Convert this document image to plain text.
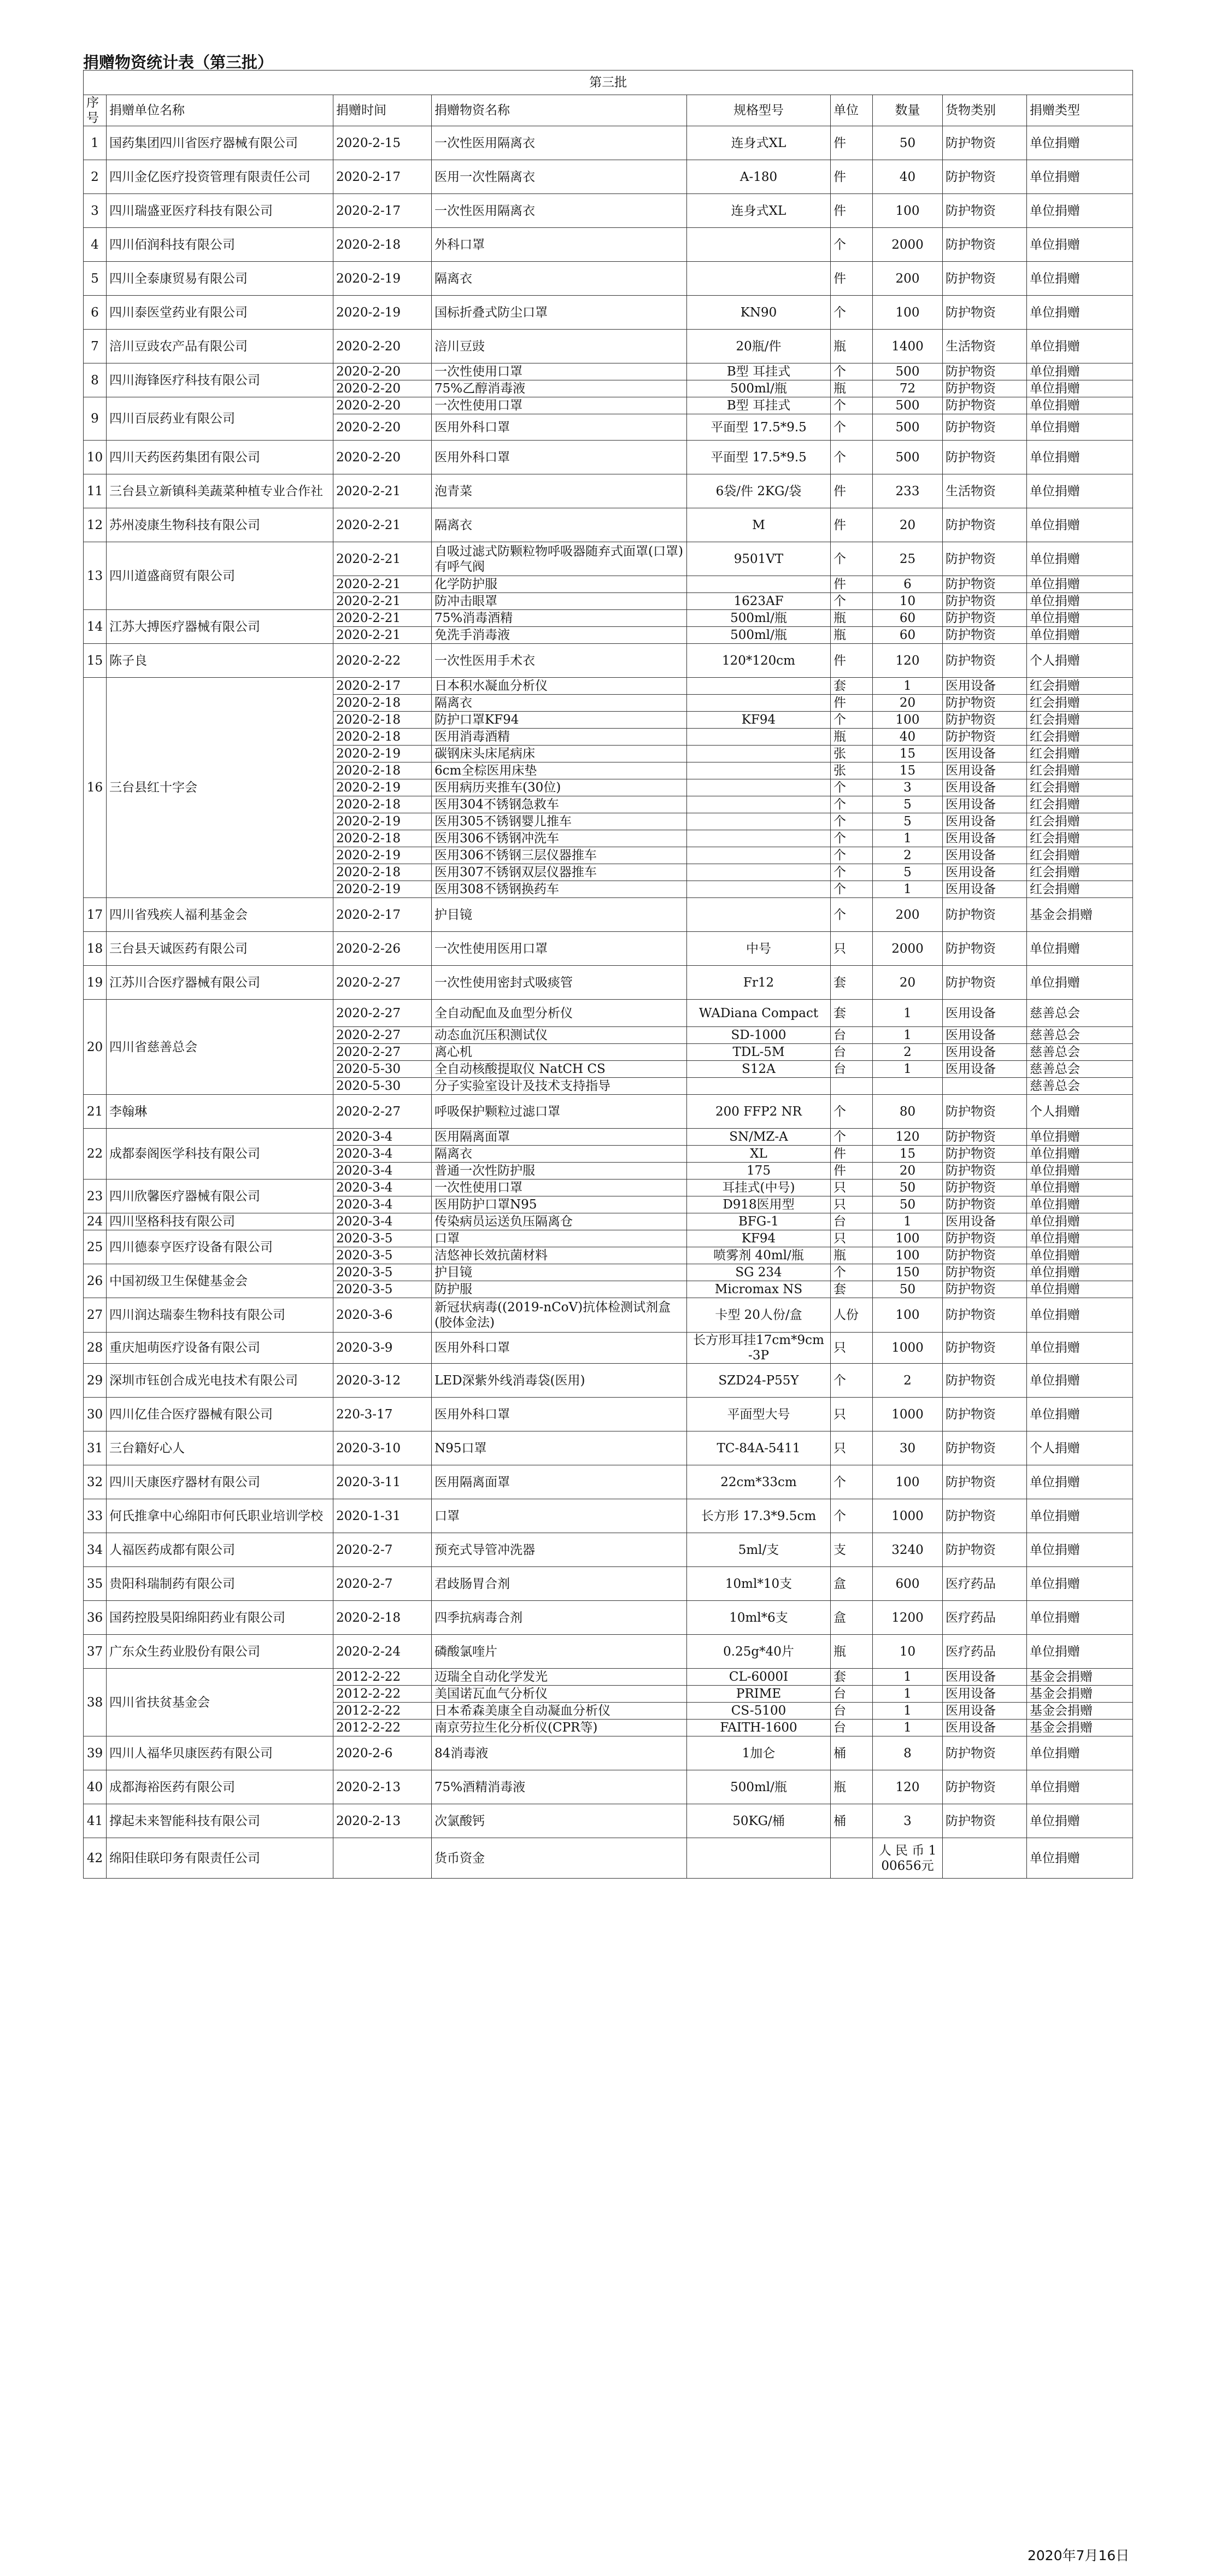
捐赠物资统计表（第三批）
第三批								
序号	捐赠单位名称	捐赠时间	捐赠物资名称	规格型号	单位	数量	货物类别	捐赠类型
1	国药集团四川省医疗器械有限公司	2020-2-15	一次性医用隔离衣	连身式XL	件	50	防护物资	单位捐赠
2	四川金亿医疗投资管理有限责任公司	2020-2-17	医用一次性隔离衣	A-180	件	40	防护物资	单位捐赠
3	四川瑞盛亚医疗科技有限公司	2020-2-17	一次性医用隔离衣	连身式XL	件	100	防护物资	单位捐赠
4	四川佰润科技有限公司	2020-2-18	外科口罩		个	2000	防护物资	单位捐赠
5	四川全泰康贸易有限公司	2020-2-19	隔离衣		件	200	防护物资	单位捐赠
6	四川泰医堂药业有限公司	2020-2-19	国标折叠式防尘口罩	KN90	个	100	防护物资	单位捐赠
7	涪川豆豉农产品有限公司	2020-2-20	涪川豆豉	20瓶/件	瓶	1400	生活物资	单位捐赠
8	四川海锋医疗科技有限公司	2020-2-20	一次性使用口罩	B型 耳挂式	个	500	防护物资	单位捐赠
		2020-2-20	75%乙醇消毒液	500ml/瓶	瓶	72	防护物资	单位捐赠
9	四川百辰药业有限公司	2020-2-20	一次性使用口罩	B型 耳挂式	个	500	防护物资	单位捐赠
		2020-2-20	医用外科口罩	平面型 17.5*9.5	个	500	防护物资	单位捐赠
10	四川天药医药集团有限公司	2020-2-20	医用外科口罩	平面型 17.5*9.5	个	500	防护物资	单位捐赠
11	三台县立新镇科美蔬菜种植专业合作社	2020-2-21	泡青菜	6袋/件 2KG/袋	件	233	生活物资	单位捐赠
12	苏州凌康生物科技有限公司	2020-2-21	隔离衣	M	件	20	防护物资	单位捐赠
13	四川道盛商贸有限公司	2020-2-21	自吸过滤式防颗粒物呼吸器随弃式面罩(口罩)有呼气阀	9501VT	个	25	防护物资	单位捐赠
		2020-2-21	化学防护服		件	6	防护物资	单位捐赠
		2020-2-21	防冲击眼罩	1623AF	个	10	防护物资	单位捐赠
14	江苏大搏医疗器械有限公司	2020-2-21	75%消毒酒精	500ml/瓶	瓶	60	防护物资	单位捐赠
		2020-2-21	免洗手消毒液	500ml/瓶	瓶	60	防护物资	单位捐赠
15	陈子良	2020-2-22	一次性医用手术衣	120*120cm	件	120	防护物资	个人捐赠
16	三台县红十字会	2020-2-17	日本积水凝血分析仪		套	1	医用设备	红会捐赠
		2020-2-18	隔离衣		件	20	防护物资	红会捐赠
		2020-2-18	防护口罩KF94	KF94	个	100	防护物资	红会捐赠
		2020-2-18	医用消毒酒精		瓶	40	防护物资	红会捐赠
		2020-2-19	碳钢床头床尾病床		张	15	医用设备	红会捐赠
		2020-2-18	6cm全棕医用床垫		张	15	医用设备	红会捐赠
		2020-2-19	医用病历夹推车(30位)		个	3	医用设备	红会捐赠
		2020-2-18	医用304不锈钢急救车		个	5	医用设备	红会捐赠
		2020-2-19	医用305不锈钢婴儿推车		个	5	医用设备	红会捐赠
		2020-2-18	医用306不锈钢冲洗车		个	1	医用设备	红会捐赠
		2020-2-19	医用306不锈钢三层仪器推车		个	2	医用设备	红会捐赠
		2020-2-18	医用307不锈钢双层仪器推车		个	5	医用设备	红会捐赠
		2020-2-19	医用308不锈钢换药车		个	1	医用设备	红会捐赠
17	四川省残疾人福利基金会	2020-2-17	护目镜		个	200	防护物资	基金会捐赠
18	三台县天诚医药有限公司	2020-2-26	一次性使用医用口罩	中号	只	2000	防护物资	单位捐赠
19	江苏川合医疗器械有限公司	2020-2-27	一次性使用密封式吸痰管	Fr12	套	20	防护物资	单位捐赠
20	四川省慈善总会	2020-2-27	全自动配血及血型分析仪	WADiana Compact	套	1	医用设备	慈善总会
		2020-2-27	动态血沉压积测试仪	SD-1000	台	1	医用设备	慈善总会
		2020-2-27	离心机	TDL-5M	台	2	医用设备	慈善总会
		2020-5-30	全自动核酸提取仪 NatCH CS	S12A	台	1	医用设备	慈善总会
		2020-5-30	分子实验室设计及技术支持指导					慈善总会
21	李翰琳	2020-2-27	呼吸保护颗粒过滤口罩	200 FFP2 NR	个	80	防护物资	个人捐赠
22	成都泰阁医学科技有限公司	2020-3-4	医用隔离面罩	SN/MZ-A	个	120	防护物资	单位捐赠
		2020-3-4	隔离衣	XL	件	15	防护物资	单位捐赠
		2020-3-4	普通一次性防护服	175	件	20	防护物资	单位捐赠
23	四川欣馨医疗器械有限公司	2020-3-4	一次性使用口罩	耳挂式(中号)	只	50	防护物资	单位捐赠
		2020-3-4	医用防护口罩N95	D918医用型	只	50	防护物资	单位捐赠
24	四川坚格科技有限公司	2020-3-4	传染病员运送负压隔离仓	BFG-1	台	1	医用设备	单位捐赠
25	四川德泰亨医疗设备有限公司	2020-3-5	口罩	KF94	只	100	防护物资	单位捐赠
		2020-3-5	洁悠神长效抗菌材料	喷雾剂 40ml/瓶	瓶	100	防护物资	单位捐赠
26	中国初级卫生保健基金会	2020-3-5	护目镜	SG 234	个	150	防护物资	单位捐赠
		2020-3-5	防护服	Micromax NS	套	50	防护物资	单位捐赠
27	四川润达瑞泰生物科技有限公司	2020-3-6	新冠状病毒((2019-nCoV)抗体检测试剂盒(胶体金法)	卡型 20人份/盒	人份	100	防护物资	单位捐赠
28	重庆旭萌医疗设备有限公司	2020-3-9	医用外科口罩	长方形耳挂17cm*9cm -3P	只	1000	防护物资	单位捐赠
29	深圳市钰创合成光电技术有限公司	2020-3-12	LED深紫外线消毒袋(医用)	SZD24-P55Y	个	2	防护物资	单位捐赠
30	四川亿佳合医疗器械有限公司	220-3-17	医用外科口罩	平面型大号	只	1000	防护物资	单位捐赠
31	三台籍好心人	2020-3-10	N95口罩	TC-84A-5411	只	30	防护物资	个人捐赠
32	四川天康医疗器材有限公司	2020-3-11	医用隔离面罩	22cm*33cm	个	100	防护物资	单位捐赠
33	何氏推拿中心绵阳市何氏职业培训学校	2020-1-31	口罩	长方形 17.3*9.5cm	个	1000	防护物资	单位捐赠
34	人福医药成都有限公司	2020-2-7	预充式导管冲洗器	5ml/支	支	3240	防护物资	单位捐赠
35	贵阳科瑞制药有限公司	2020-2-7	君歧肠胃合剂	10ml*10支	盒	600	医疗药品	单位捐赠
36	国药控股昊阳绵阳药业有限公司	2020-2-18	四季抗病毒合剂	10ml*6支	盒	1200	医疗药品	单位捐赠
37	广东众生药业股份有限公司	2020-2-24	磷酸氯喹片	0.25g*40片	瓶	10	医疗药品	单位捐赠
38	四川省扶贫基金会	2012-2-22	迈瑞全自动化学发光	CL-6000I	套	1	医用设备	基金会捐赠
		2012-2-22	美国诺瓦血气分析仪	PRIME	台	1	医用设备	基金会捐赠
		2012-2-22	日本希森美康全自动凝血分析仪	CS-5100	台	1	医用设备	基金会捐赠
		2012-2-22	南京劳拉生化分析仪(CPR等)	FAITH-1600	台	1	医用设备	基金会捐赠
39	四川人福华贝康医药有限公司	2020-2-6	84消毒液	1加仑	桶	8	防护物资	单位捐赠
40	成都海裕医药有限公司	2020-2-13	75%酒精消毒液	500ml/瓶	瓶	120	防护物资	单位捐赠
41	撑起未来智能科技有限公司	2020-2-13	次氯酸钙	50KG/桶	桶	3	防护物资	单位捐赠
42	绵阳佳联印务有限责任公司		货币资金			人 民 币 100656元		单位捐赠
2020年7月16日
